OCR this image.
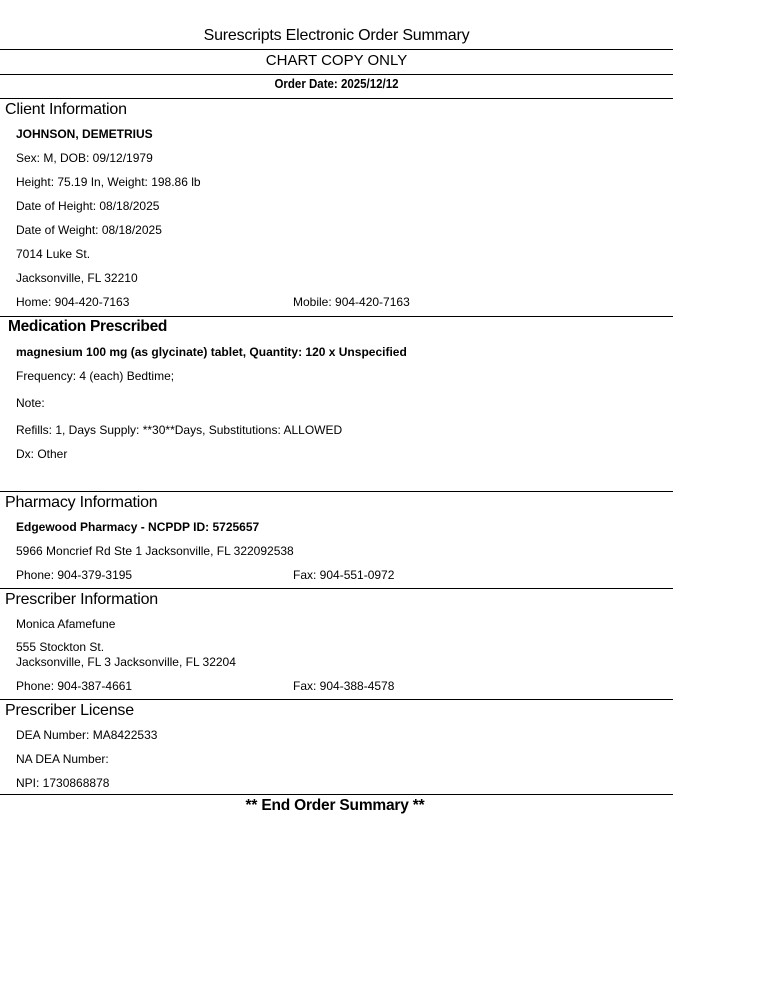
Surescripts Electronic Order Summary
CHART COPY ONLY
Order Date: 2025/12/12
Client Information
JOHNSON, DEMETRIUS
Sex: M, DOB: 09/12/1979
Height: 75.19 In, Weight: 198.86 lb
Date of Height: 08/18/2025
Date of Weight: 08/18/2025
7014 Luke St.
Jacksonville, FL 32210
Home: 904-420-7163	Mobile: 904-420-7163
Medication Prescribed
magnesium 100 mg (as glycinate) tablet, Quantity: 120 x Unspecified
Frequency: 4 (each) Bedtime;
Note:
Refills: 1, Days Supply: **30**Days, Substitutions: ALLOWED
Dx: Other
Pharmacy Information
Edgewood Pharmacy - NCPDP ID: 5725657
5966 Moncrief Rd Ste 1 Jacksonville, FL 322092538
Phone: 904-379-3195	Fax: 904-551-0972
Prescriber Information
Monica Afamefune
555 Stockton St.
Jacksonville, FL 3 Jacksonville, FL 32204
Phone: 904-387-4661	Fax: 904-388-4578
Prescriber License
DEA Number: MA8422533
NA DEA Number:
NPI: 1730868878
** End Order Summary **
